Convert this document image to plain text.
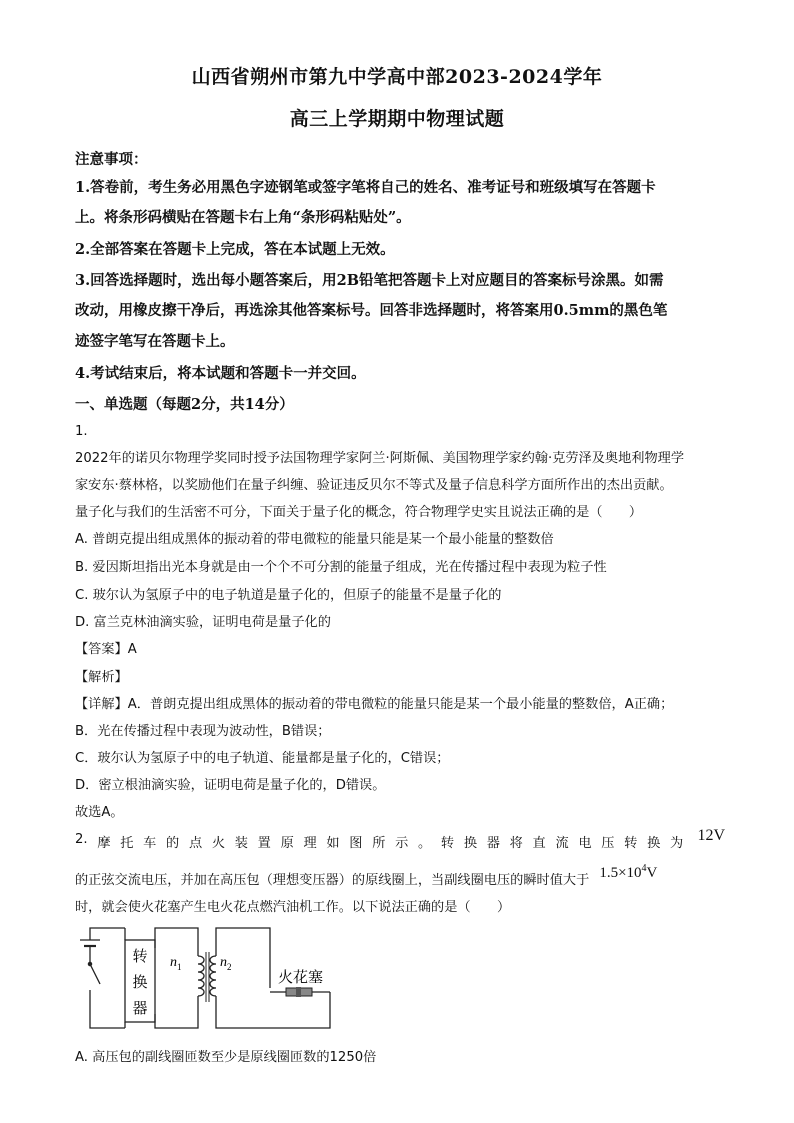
山西省朔州市第九中学高中部2023-2024学年
高三上学期期中物理试题
注意事项：
1.答卷前，考生务必用黑色字迹钢笔或签字笔将自己的姓名、准考证号和班级填写在答题卡
上。将条形码横贴在答题卡右上角“条形码粘贴处”。
2.全部答案在答题卡上完成，答在本试题上无效。
3.回答选择题时，选出每小题答案后，用2B铅笔把答题卡上对应题目的答案标号涂黑。如需
改动，用橡皮擦干净后，再选涂其他答案标号。回答非选择题时，将答案用0.5mm的黑色笔
迹签字笔写在答题卡上。
4.考试结束后，将本试题和答题卡一并交回。
一、单选题（每题2分，共14分）
1.
2022年的诺贝尔物理学奖同时授予法国物理学家阿兰·阿斯佩、美国物理学家约翰·克劳泽及奥地利物理学
家安东·蔡林格，以奖励他们在量子纠缠、验证违反贝尔不等式及量子信息科学方面所作出的杰出贡献。
量子化与我们的生活密不可分，下面关于量子化的概念，符合物理学史实且说法正确的是（　　）
A. 普朗克提出组成黑体的振动着的带电微粒的能量只能是某一个最小能量的整数倍
B. 爱因斯坦指出光本身就是由一个个不可分割的能量子组成，光在传播过程中表现为粒子性
C. 玻尔认为氢原子中的电子轨道是量子化的，但原子的能量不是量子化的
D. 富兰克林油滴实验，证明电荷是量子化的
【答案】A
【解析】
【详解】A．普朗克提出组成黑体的振动着的带电微粒的能量只能是某一个最小能量的整数倍，A正确；
B．光在传播过程中表现为波动性，B错误；
C．玻尔认为氢原子中的电子轨道、能量都是量子化的，C错误；
D．密立根油滴实验，证明电荷是量子化的，D错误。
故选A。
2. 摩 托 车 的 点 火 装 置 原 理 如 图 所 示 。 转 换 器 将 直 流 电 压 转 换 为 12V
的正弦交流电压，并加在高压包（理想变压器）的原线圈上，当副线圈电压的瞬时值大于 $1.5\times 10^4V$
时，就会使火花塞产生电火花点燃汽油机工作。以下说法正确的是（　　）
转
换
器
$n_1$	$n_2$
火花塞
A. 高压包的副线圈匝数至少是原线圈匝数的1250倍
